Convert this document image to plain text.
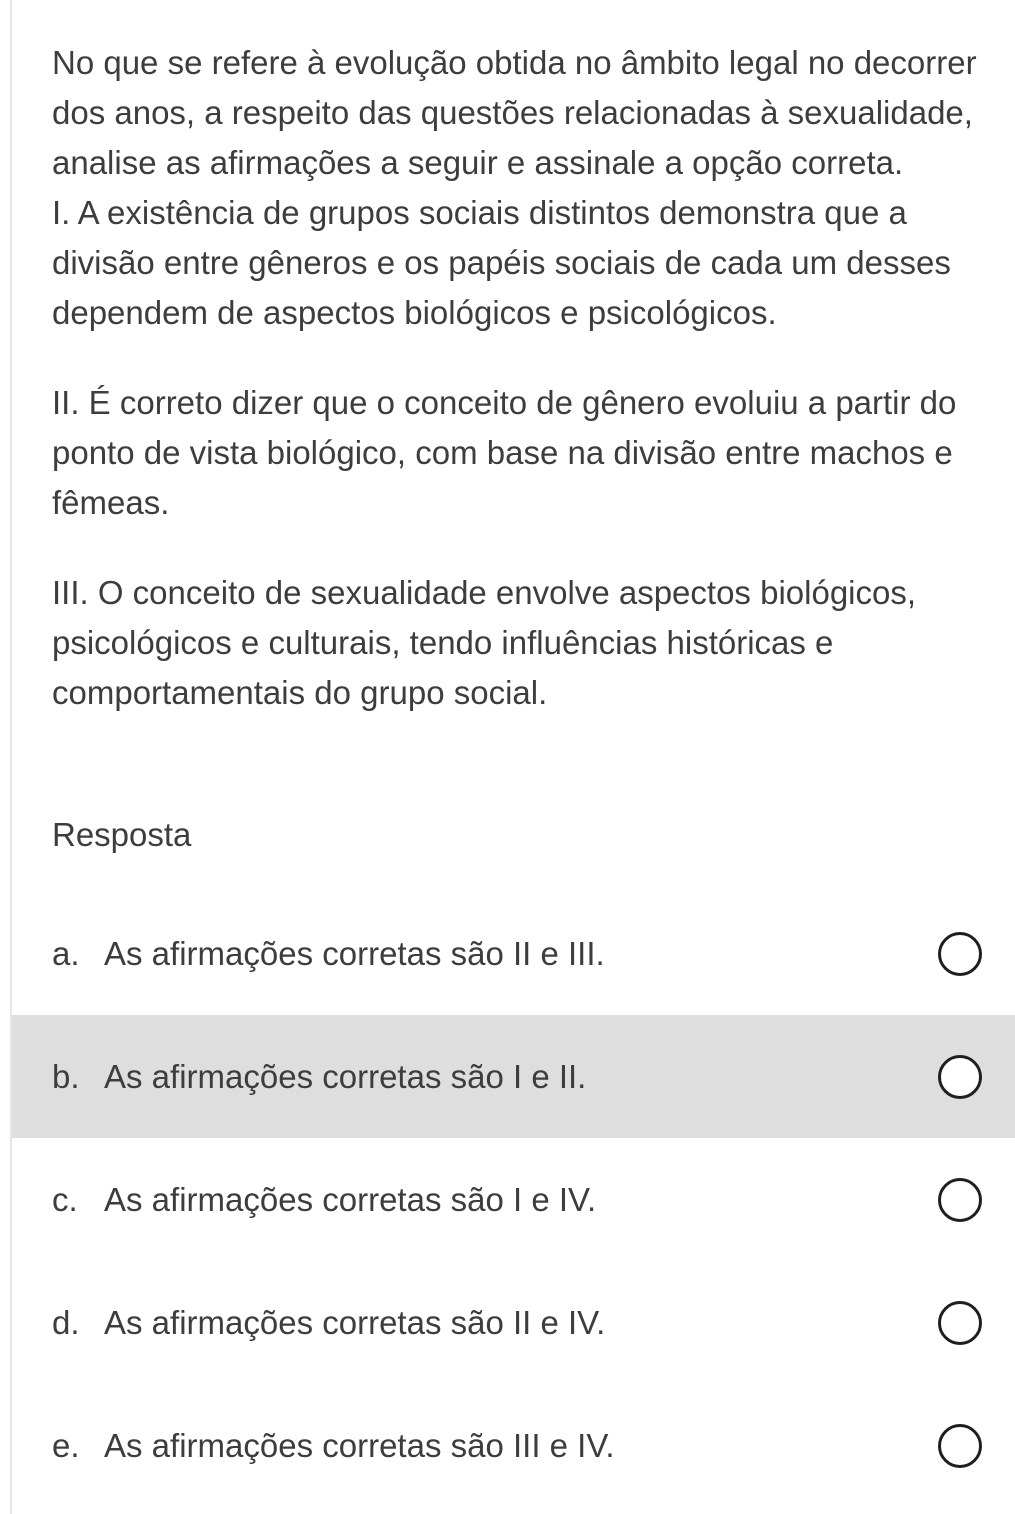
No que se refere à evolução obtida no âmbito legal no decorrer dos anos, a respeito das questões relacionadas à sexualidade, analise as afirmações a seguir e assinale a opção correta.

I. A existência de grupos sociais distintos demonstra que a divisão entre gêneros e os papéis sociais de cada um desses dependem de aspectos biológicos e psicológicos.

II. É correto dizer que o conceito de gênero evoluiu a partir do ponto de vista biológico, com base na divisão entre machos e fêmeas.

III. O conceito de sexualidade envolve aspectos biológicos, psicológicos e culturais, tendo influências históricas e comportamentais do grupo social.

Resposta
a. As afirmações corretas são II e III.
b. As afirmações corretas são I e II.
c. As afirmações corretas são I e IV.
d. As afirmações corretas são II e IV.
e. As afirmações corretas são III e IV.
